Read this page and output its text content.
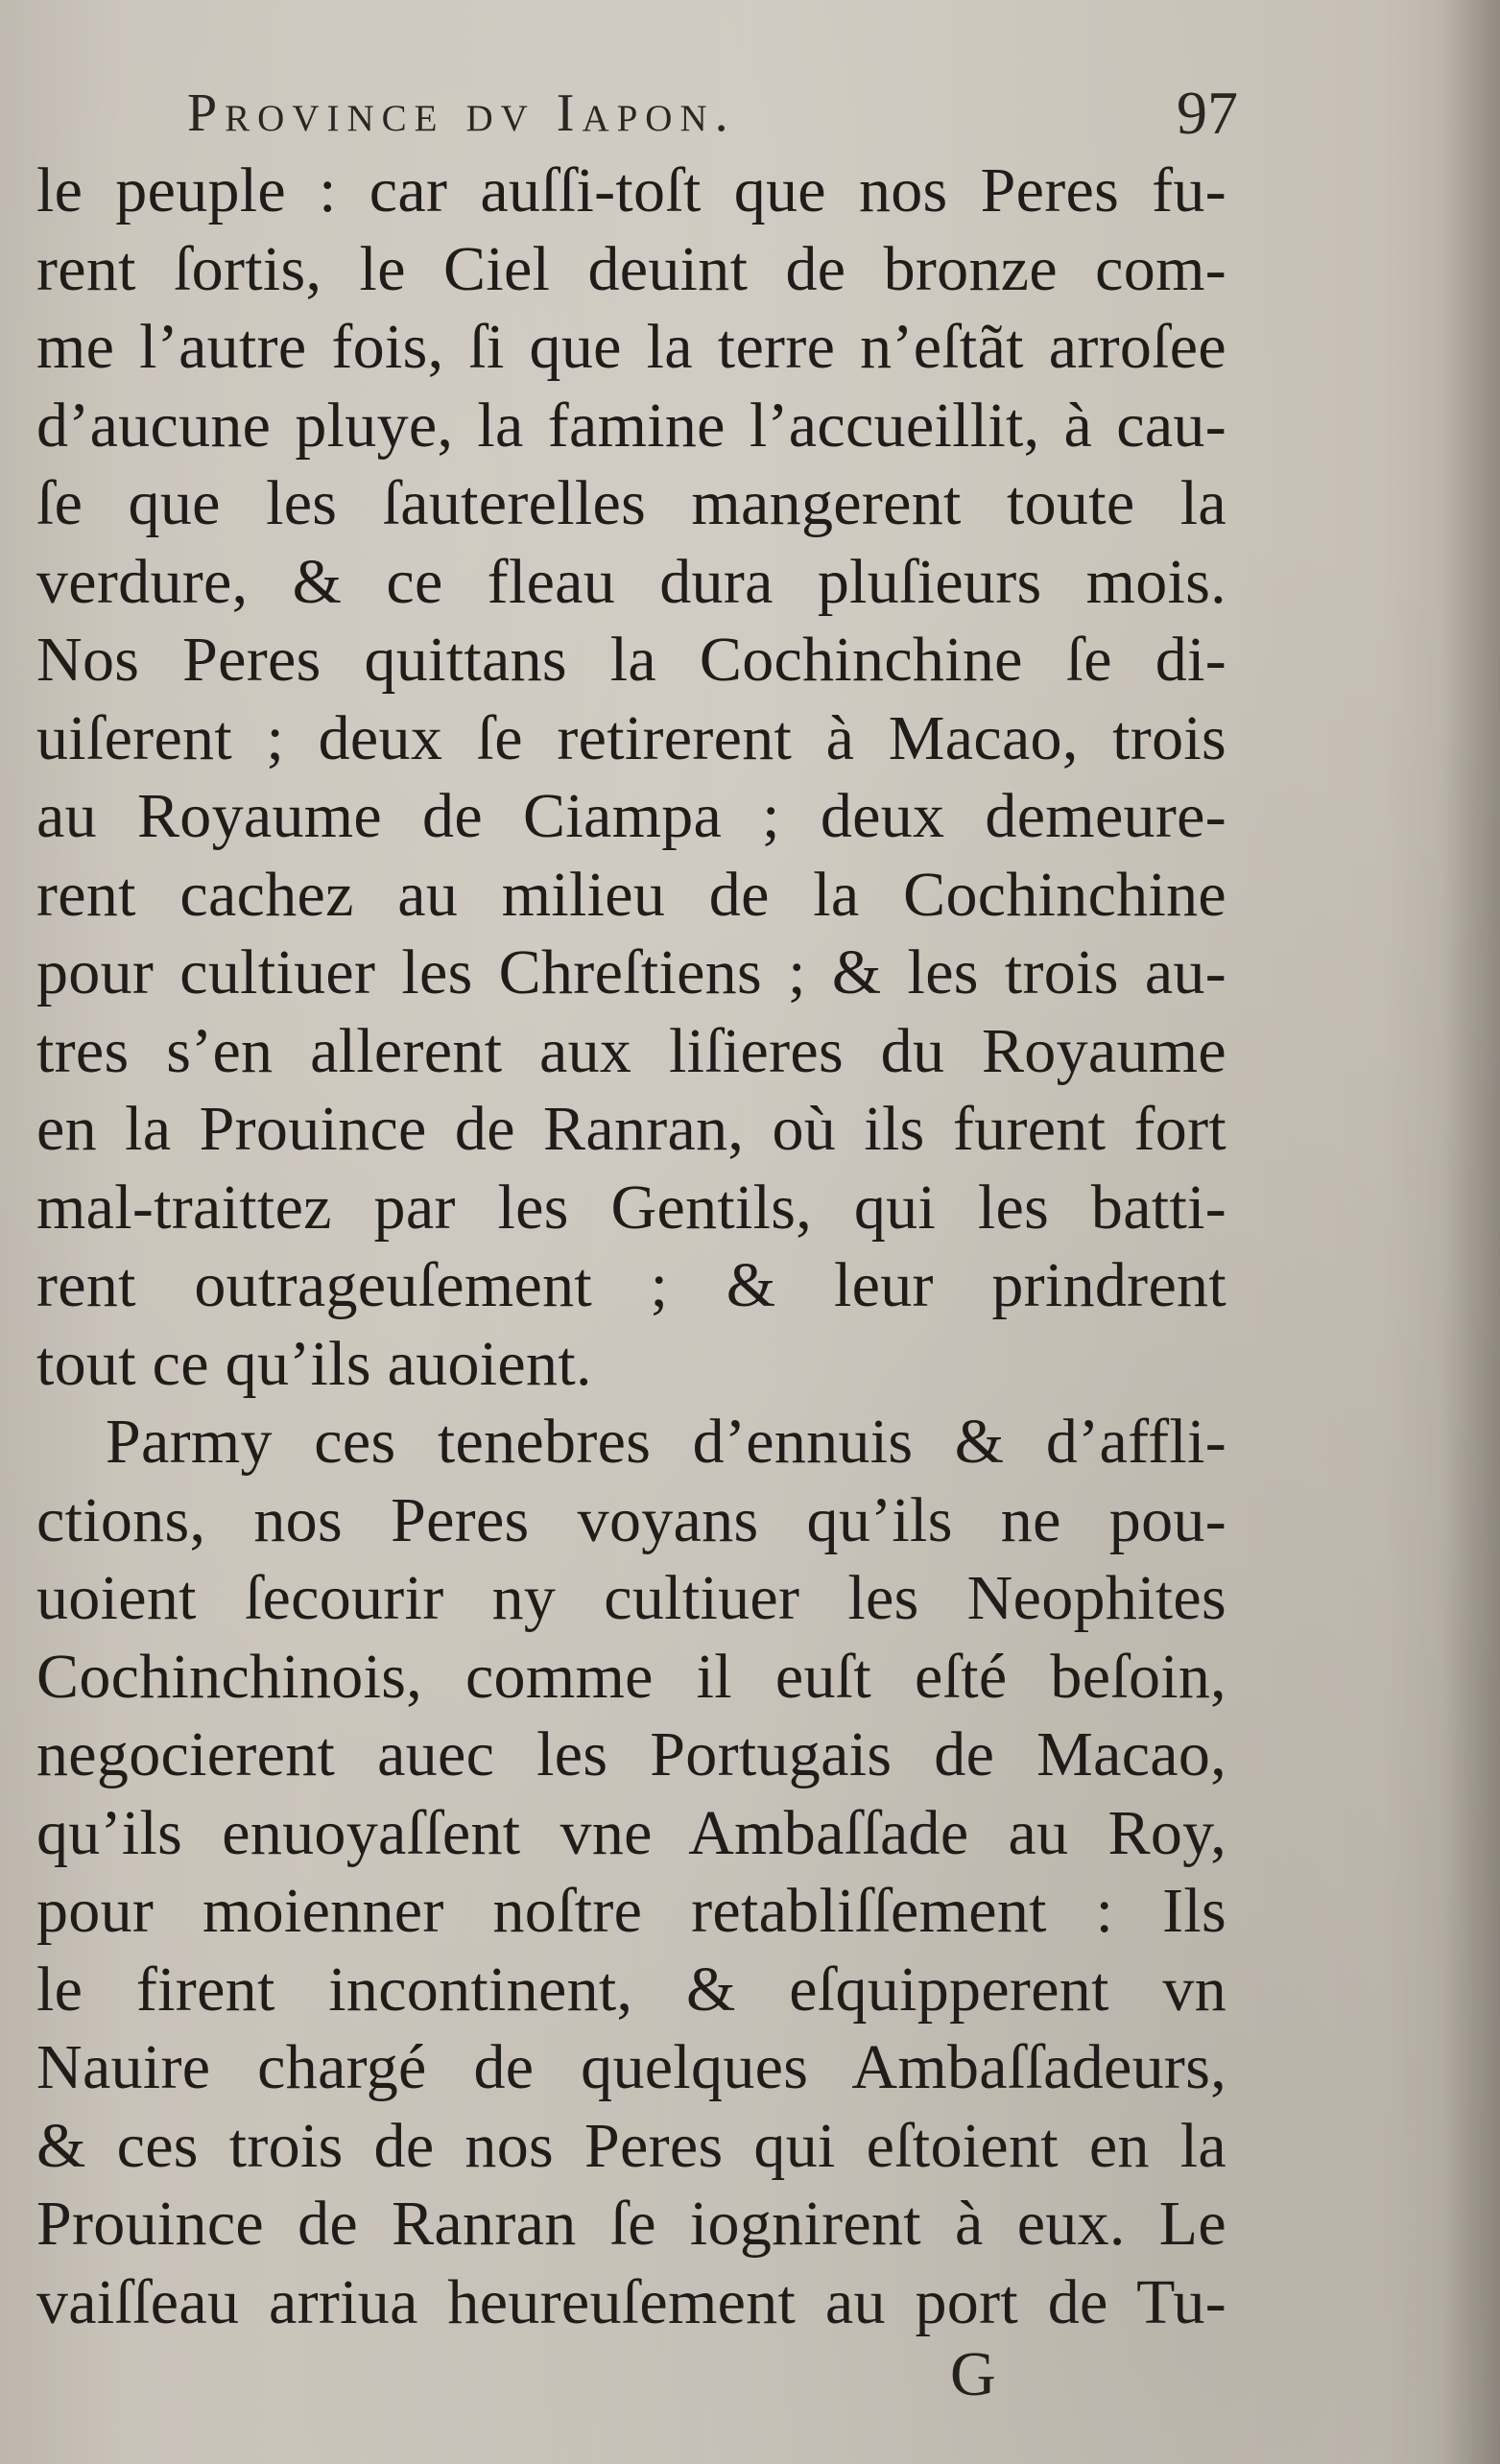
Province dv Iapon.	97
le peuple : car auſſi-toſt que nos Peres fu-
rent ſortis, le Ciel deuint de bronze com-
me l’autre fois, ſi que la terre n’eſtãt arroſee
d’aucune pluye, la famine l’accueillit, à cau-
ſe que les ſauterelles mangerent toute la
verdure, & ce fleau dura pluſieurs mois.
Nos Peres quittans la Cochinchine ſe di-
uiſerent ; deux ſe retirerent à Macao, trois
au Royaume de Ciampa ; deux demeure-
rent cachez au milieu de la Cochinchine
pour cultiuer les Chreſtiens ; & les trois au-
tres s’en allerent aux liſieres du Royaume
en la Prouince de Ranran, où ils furent fort
mal-traittez par les Gentils, qui les batti-
rent outrageuſement ; & leur prindrent
tout ce qu’ils auoient.
Parmy ces tenebres d’ennuis & d’affli-
ctions, nos Peres voyans qu’ils ne pou-
uoient ſecourir ny cultiuer les Neophites
Cochinchinois, comme il euſt eſté beſoin,
negocierent auec les Portugais de Macao,
qu’ils enuoyaſſent vne Ambaſſade au Roy,
pour moienner noſtre retabliſſement : Ils
le firent incontinent, & eſquipperent vn
Nauire chargé de quelques Ambaſſadeurs,
& ces trois de nos Peres qui eſtoient en la
Prouince de Ranran ſe iognirent à eux. Le
vaiſſeau arriua heureuſement au port de Tu-
G
